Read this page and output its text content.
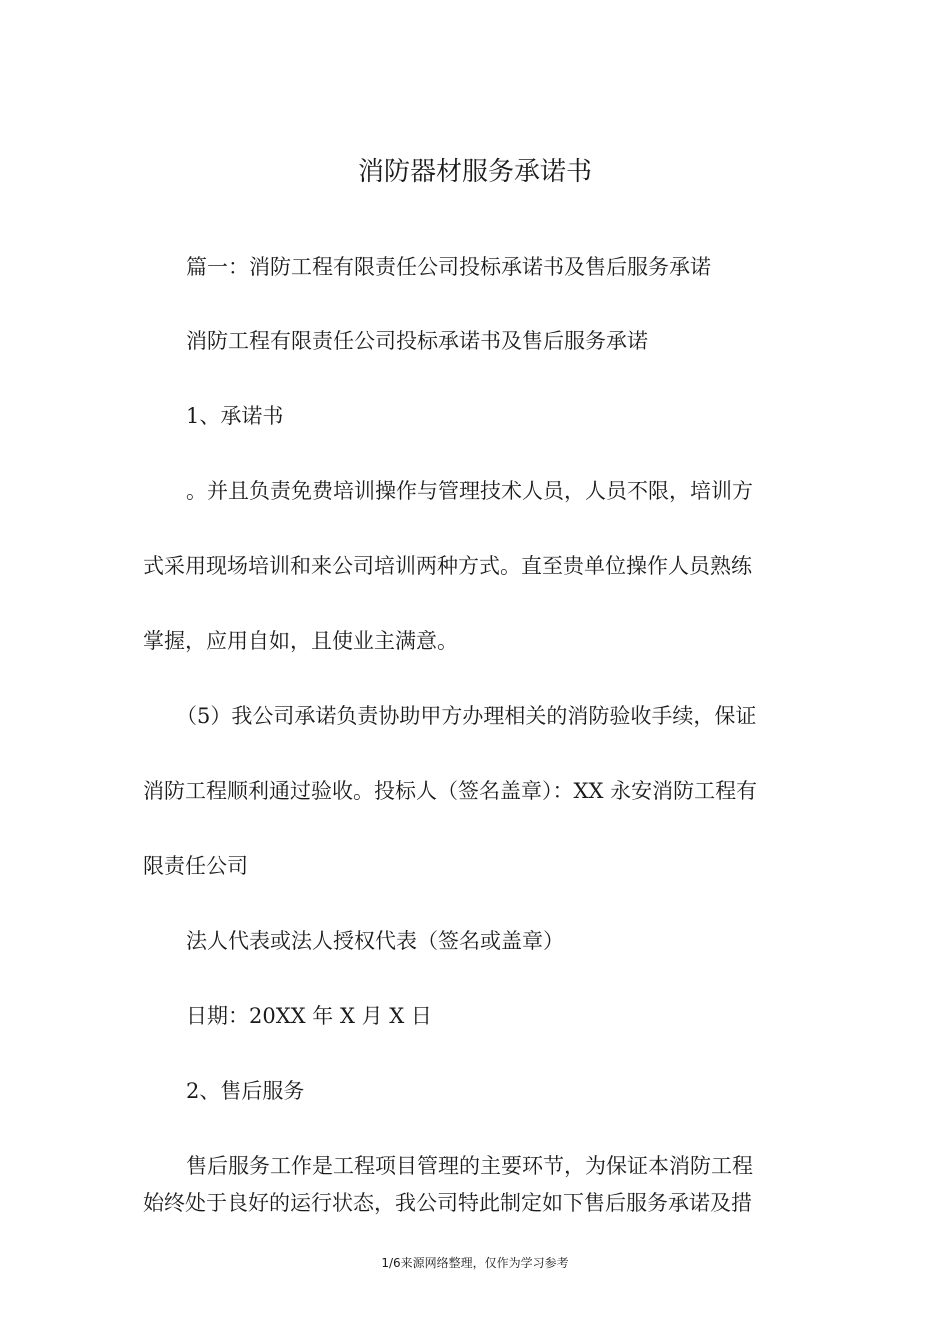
消防器材服务承诺书
篇一：消防工程有限责任公司投标承诺书及售后服务承诺
消防工程有限责任公司投标承诺书及售后服务承诺
1、承诺书
。并且负责免费培训操作与管理技术人员，人员不限，培训方
式采用现场培训和来公司培训两种方式。直至贵单位操作人员熟练
掌握，应用自如，且使业主满意。
（5）我公司承诺负责协助甲方办理相关的消防验收手续，保证
消防工程顺利通过验收。投标人（签名盖章）：XX 永安消防工程有
限责任公司
法人代表或法人授权代表（签名或盖章）
日期：20XX 年 X 月 X 日
2、售后服务
售后服务工作是工程项目管理的主要环节，为保证本消防工程
始终处于良好的运行状态，我公司特此制定如下售后服务承诺及措
1/6来源网络整理，仅作为学习参考
